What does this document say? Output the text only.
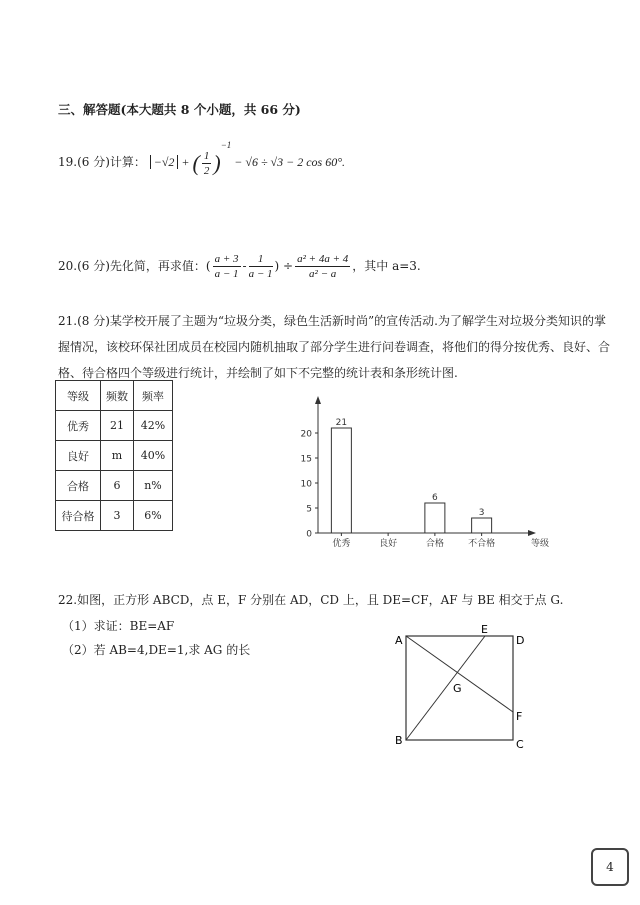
三、解答题(本大题共 8 个小题，共 66 分)
19.(6 分)计算： −√2 + ( $\frac{1}{2} )^{-1} - √6 \div √3 - 2$ cos 60°.
20.(6 分)先化简，再求值：( $\frac{a + 3}{a - 1} - \frac{1}{a - 1}$ ) ÷ $\frac{\text{a² + 4a + 4}}{\text{a² − a}}$ ，其中 a=3.
21.(8 分)某学校开展了主题为“垃圾分类，绿色生活新时尚”的宣传活动.为了解学生对垃圾分类知识的掌
握情况，该校环保社团成员在校园内随机抽取了部分学生进行问卷调查，将他们的得分按优秀、良好、合
格、待合格四个等级进行统计，并绘制了如下不完整的统计表和条形统计图.
等级	频数	频率
优秀	21	42%
良好	m	40%
合格	6	n%
待合格	3	6%
0
5
10
15
20
优秀
21
良好	合格
6
不合格
3
等级
22.如图，正方形 ABCD，点 E，F 分别在 AD，CD 上，且 DE=CF，AF 与 BE 相交于点 G.
（1）求证：BE=AF
（2）若 AB=4,DE=1,求 AG 的长
A
B	C
D
E
F
G
4
